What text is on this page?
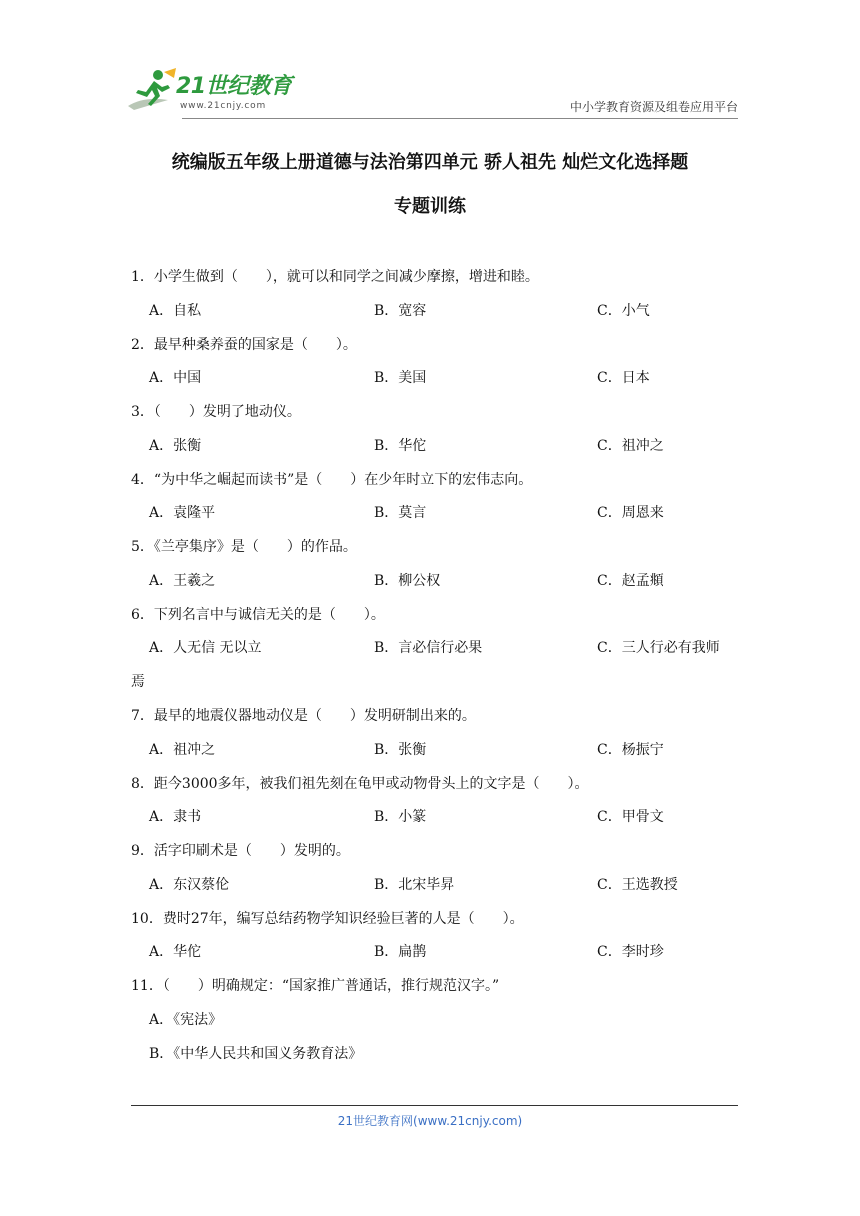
21世纪教育
www.21cnjy.com	中小学教育资源及组卷应用平台
统编版五年级上册道德与法治第四单元 骄人祖先 灿烂文化选择题
专题训练
1．小学生做到（　　），就可以和同学之间减少摩擦，增进和睦。
A．自私	B．宽容	C．小气
2．最早种桑养蚕的国家是（　　）。
A．中国	B．美国	C．日本
3．（　　）发明了地动仪。
A．张衡	B．华佗	C．祖冲之
4．“为中华之崛起而读书”是（　　）在少年时立下的宏伟志向。
A．袁隆平	B．莫言	C．周恩来
5．《兰亭集序》是（　　）的作品。
A．王羲之	B．柳公权	C．赵孟頫
6．下列名言中与诚信无关的是（　　）。
A．人无信 无以立	B．言必信行必果	C．三人行必有我师
焉
7．最早的地震仪器地动仪是（　　）发明研制出来的。
A．祖冲之	B．张衡	C．杨振宁
8．距今3000多年，被我们祖先刻在龟甲或动物骨头上的文字是（　　）。
A．隶书	B．小篆	C．甲骨文
9．活字印刷术是（　　）发明的。
A．东汉蔡伦	B．北宋毕昇	C．王选教授
10．费时27年，编写总结药物学知识经验巨著的人是（　　）。
A．华佗	B．扁鹊	C．李时珍
11．（　　）明确规定：“国家推广普通话，推行规范汉字。”
A．《宪法》
B．《中华人民共和国义务教育法》
21世纪教育网(www.21cnjy.com)
